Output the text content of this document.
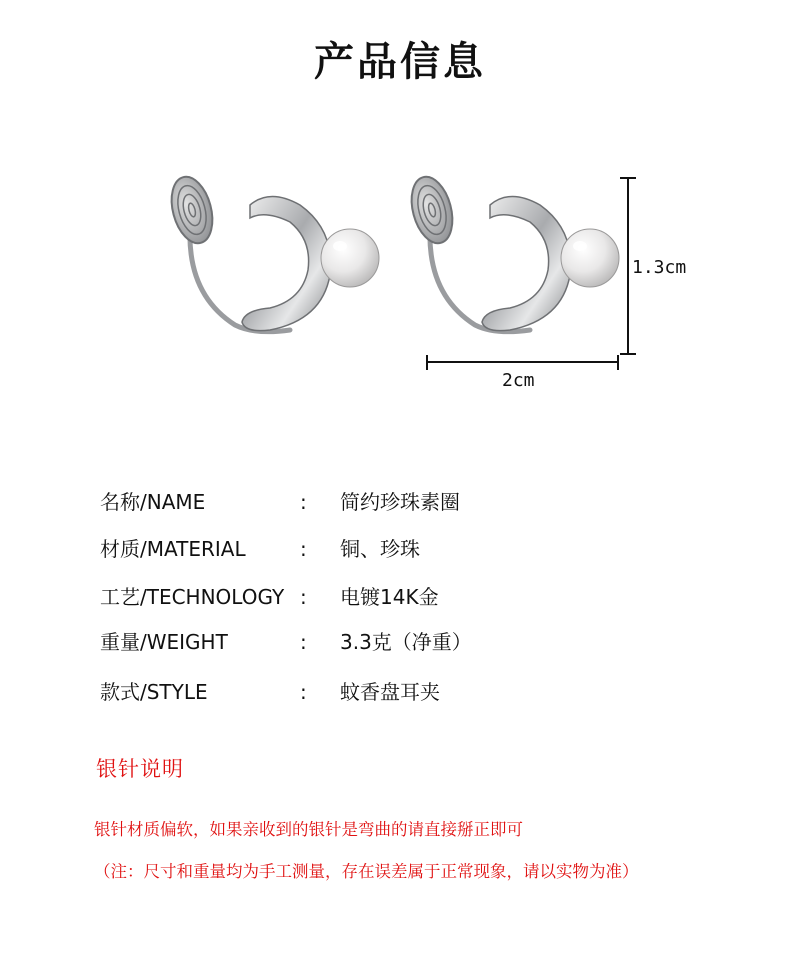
产品信息
1.3cm
2cm
名称/NAME	: 简约珍珠素圈
材质/MATERIAL	: 铜、珍珠
工艺/TECHNOLOGY : 电镀14K金
重量/WEIGHT	: 3.3克（净重）
款式/STYLE	: 蚊香盘耳夹
银针说明
银针材质偏软，如果亲收到的银针是弯曲的请直接掰正即可
（注：尺寸和重量均为手工测量，存在误差属于正常现象，请以实物为准）
